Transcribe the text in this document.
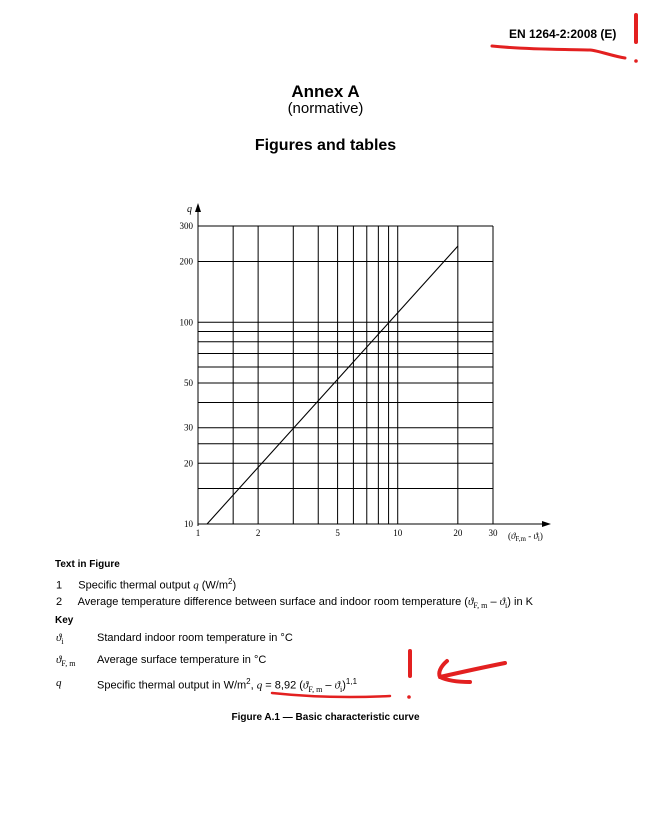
EN 1264-2:2008 (E)
Annex A
(normative)
Figures and tables
1	2	5	10	20	30
10
20
30
50
100
200
300
q
$(ϑ_{F,m} - ϑ_i)$
Text in Figure
1 Specific thermal output q $(W/m^2)$
2 Average temperature difference between surface and indoor room temperature $(ϑ_{F, m} - ϑ_i)$ in K
Key
$ϑ_i$	Standard indoor room temperature in °C
$ϑ_{F, m}$ Average surface temperature in °C
q	Specific thermal output in $W/m^2$, q = 8,92 $(ϑ_{F, m} - ϑ_i)^{1,1}$
Figure A.1 — Basic characteristic curve
